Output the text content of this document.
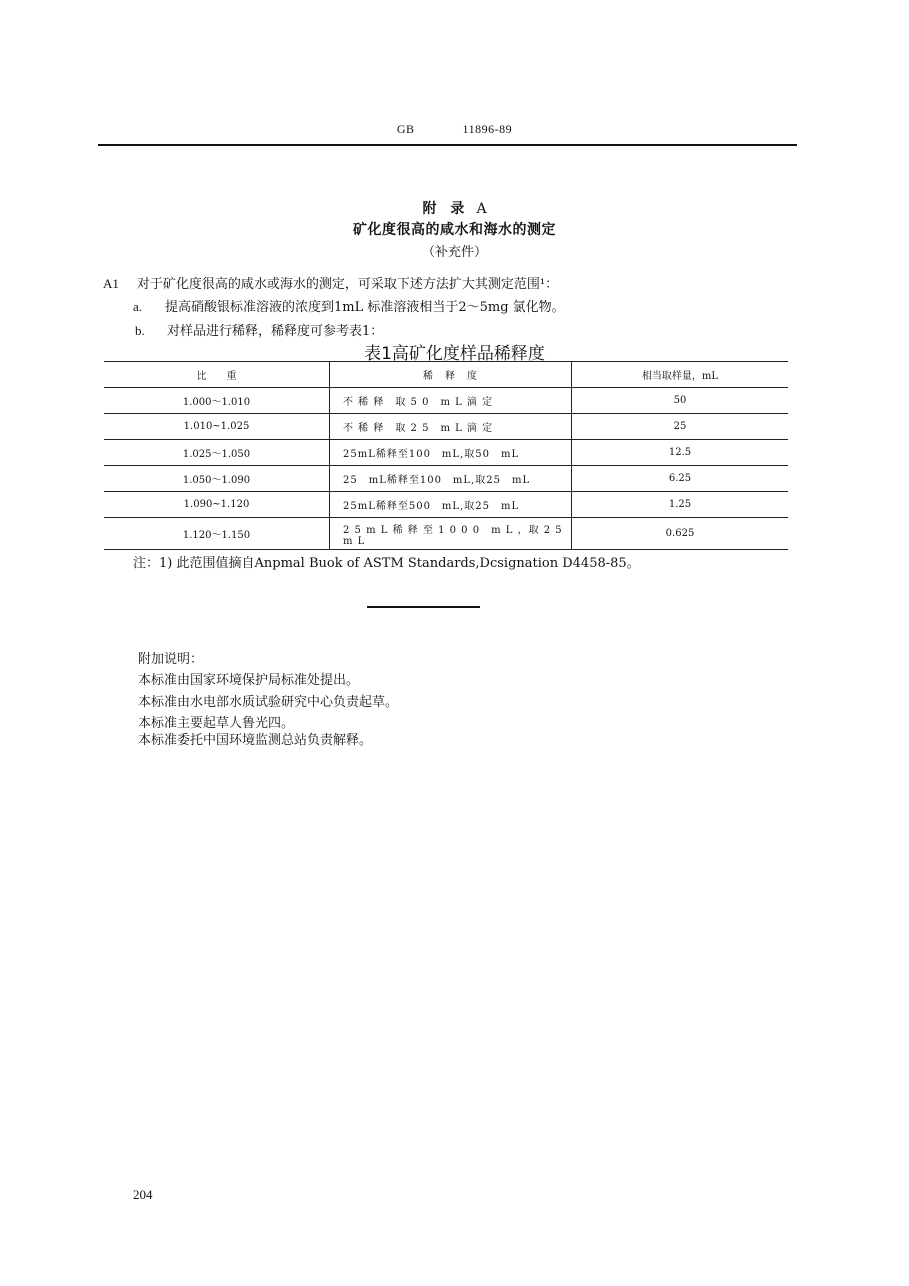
GB	11896-89
附　录 A
矿化度很高的咸水和海水的测定
（补充件）
A1 对于矿化度很高的咸水或海水的测定，可采取下述方法扩大其测定范围¹：
a. 提高硝酸银标准溶液的浓度到1mL 标准溶液相当于2～5mg 氯化物。
b. 对样品进行稀释，稀释度可参考表1：
表1高矿化度样品稀释度
比　　重	稀　释　度	相当取样量，mL
1.000～1.010	不 稀 释　取 5 0　m L 滴 定	50
1.010~1.025	不 稀 释　取 2 5　m L 滴 定	25
1.025～1.050	25mL稀释至100　mL,取50　mL	12.5
1.050～1.090	25　mL稀释至100　mL,取25　mL	6.25
1.090~1.120	25mL稀释至500　mL,取25　mL	1.25
1.120～1.150	2 5 m L 稀 释 至 1 0 0 0　m L ，取 2 5 m L	0.625
注：1) 此范围值摘自Anpmal Buok of ASTM Standards,Dcsignation D4458-85。
附加说明：
本标准由国家环境保护局标准处提出。
本标准由水电部水质试验研究中心负责起草。
本标准主要起草人鲁光四。
本标准委托中国环境监测总站负责解释。
204
